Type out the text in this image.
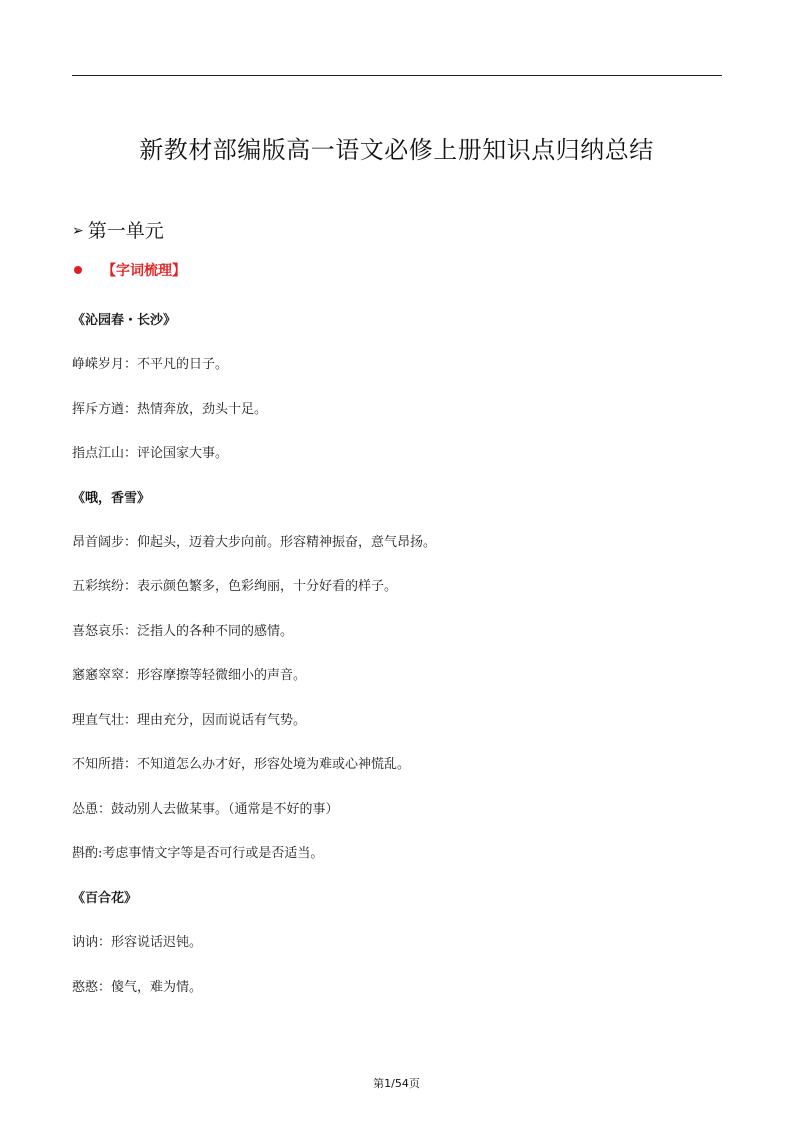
新教材部编版高一语文必修上册知识点归纳总结
➢ 第一单元
【字词梳理】
《沁园春・长沙》
峥嵘岁月：不平凡的日子。
挥斥方遒：热情奔放，劲头十足。
指点江山：评论国家大事。
《哦，香雪》
昂首阔步：仰起头，迈着大步向前。形容精神振奋，意气昂扬。
五彩缤纷：表示颜色繁多，色彩绚丽，十分好看的样子。
喜怒哀乐：泛指人的各种不同的感情。
窸窸窣窣：形容摩擦等轻微细小的声音。
理直气壮：理由充分，因而说话有气势。
不知所措：不知道怎么办才好，形容处境为难或心神慌乱。
怂恿：鼓动别人去做某事。（通常是不好的事）
斟酌:考虑事情文字等是否可行或是否适当。
《百合花》
讷讷：形容说话迟钝。
憨憨：傻气，难为情。
第1/54页
